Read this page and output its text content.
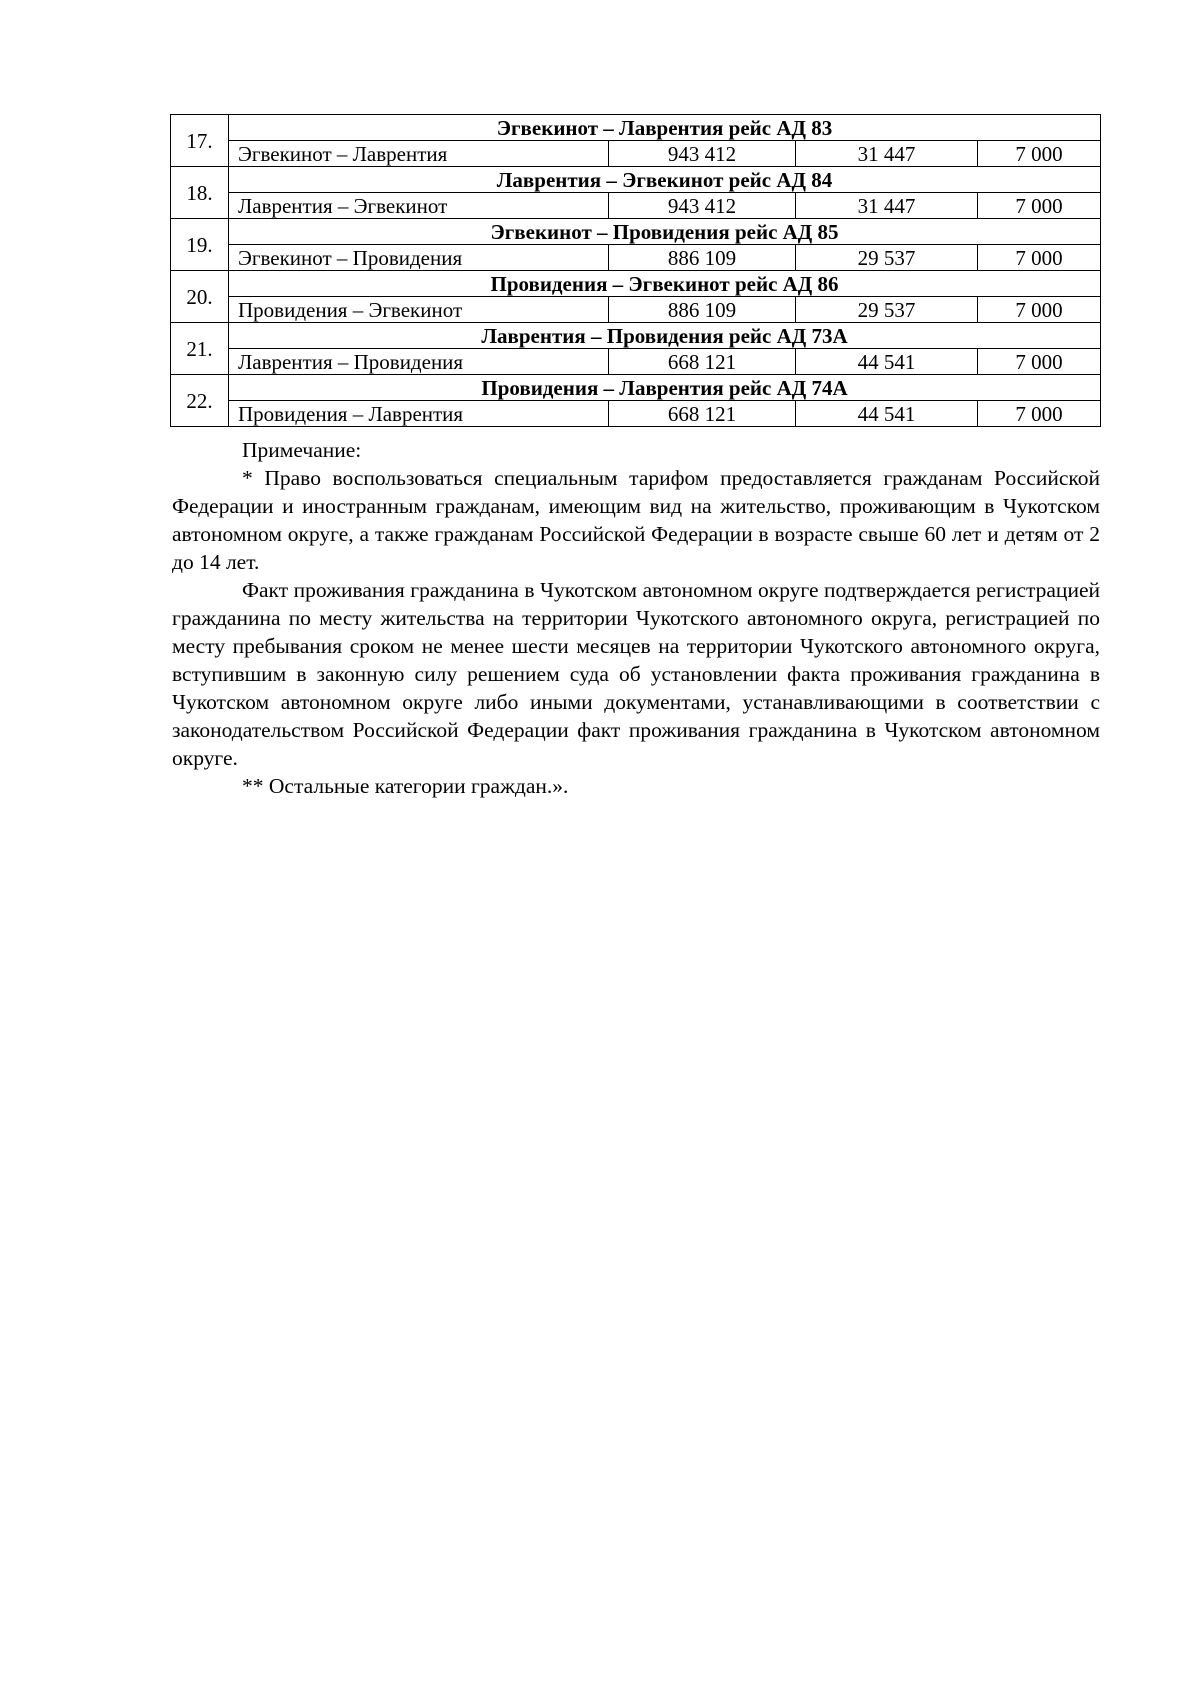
17.	Эгвекинот – Лаврентия рейс АД 83			
	Эгвекинот – Лаврентия	943 412	31 447	7 000
18.	Лаврентия – Эгвекинот рейс АД 84			
	Лаврентия – Эгвекинот	943 412	31 447	7 000
19.	Эгвекинот – Провидения рейс АД 85			
	Эгвекинот – Провидения	886 109	29 537	7 000
20.	Провидения – Эгвекинот рейс АД 86			
	Провидения – Эгвекинот	886 109	29 537	7 000
21.	Лаврентия – Провидения рейс АД 73А			
	Лаврентия – Провидения	668 121	44 541	7 000
22.	Провидения – Лаврентия рейс АД 74А			
	Провидения – Лаврентия	668 121	44 541	7 000

Примечание:

* Право воспользоваться специальным тарифом предоставляется гражданам Российской Федерации и иностранным гражданам, имеющим вид на жительство, проживающим в Чукотском автономном округе, а также гражданам Российской Федерации в возрасте свыше 60 лет и детям от 2 до 14 лет.

Факт проживания гражданина в Чукотском автономном округе подтверждается регистрацией гражданина по месту жительства на территории Чукотского автономного округа, регистрацией по месту пребывания сроком не менее шести месяцев на территории Чукотского автономного округа, вступившим в законную силу решением суда об установлении факта проживания гражданина в Чукотском автономном округе либо иными документами, устанавливающими в соответствии с законодательством Российской Федерации факт проживания гражданина в Чукотском автономном округе.

** Остальные категории граждан.».
